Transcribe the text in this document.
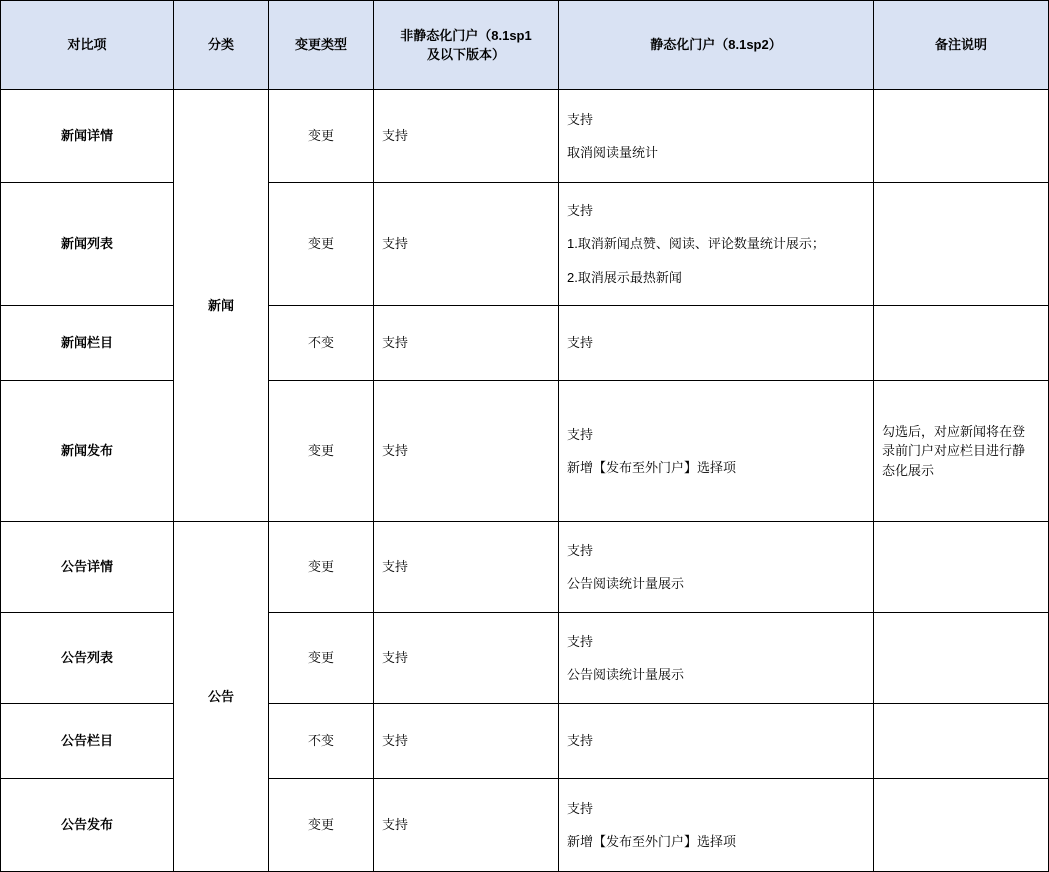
对比项	分类	变更类型	非静态化门户（8.1sp1
及以下版本）	静态化门户（8.1sp2）	备注说明
新闻详情	新闻	变更	支持	支持
取消阅读量统计	

新闻列表		变更	支持	支持
1.取消新闻点赞、阅读、评论数量统计展示；
2.取消展示最热新闻	

新闻栏目		不变	支持	支持	

新闻发布		变更	支持	支持
新增【发布至外门户】选择项	勾选后，对应新闻将在登
录前门户对应栏目进行静
态化展示

公告详情	公告	变更	支持	支持
公告阅读统计量展示	

公告列表		变更	支持	支持
公告阅读统计量展示	

公告栏目		不变	支持	支持	

公告发布		变更	支持	支持
新增【发布至外门户】选择项	
